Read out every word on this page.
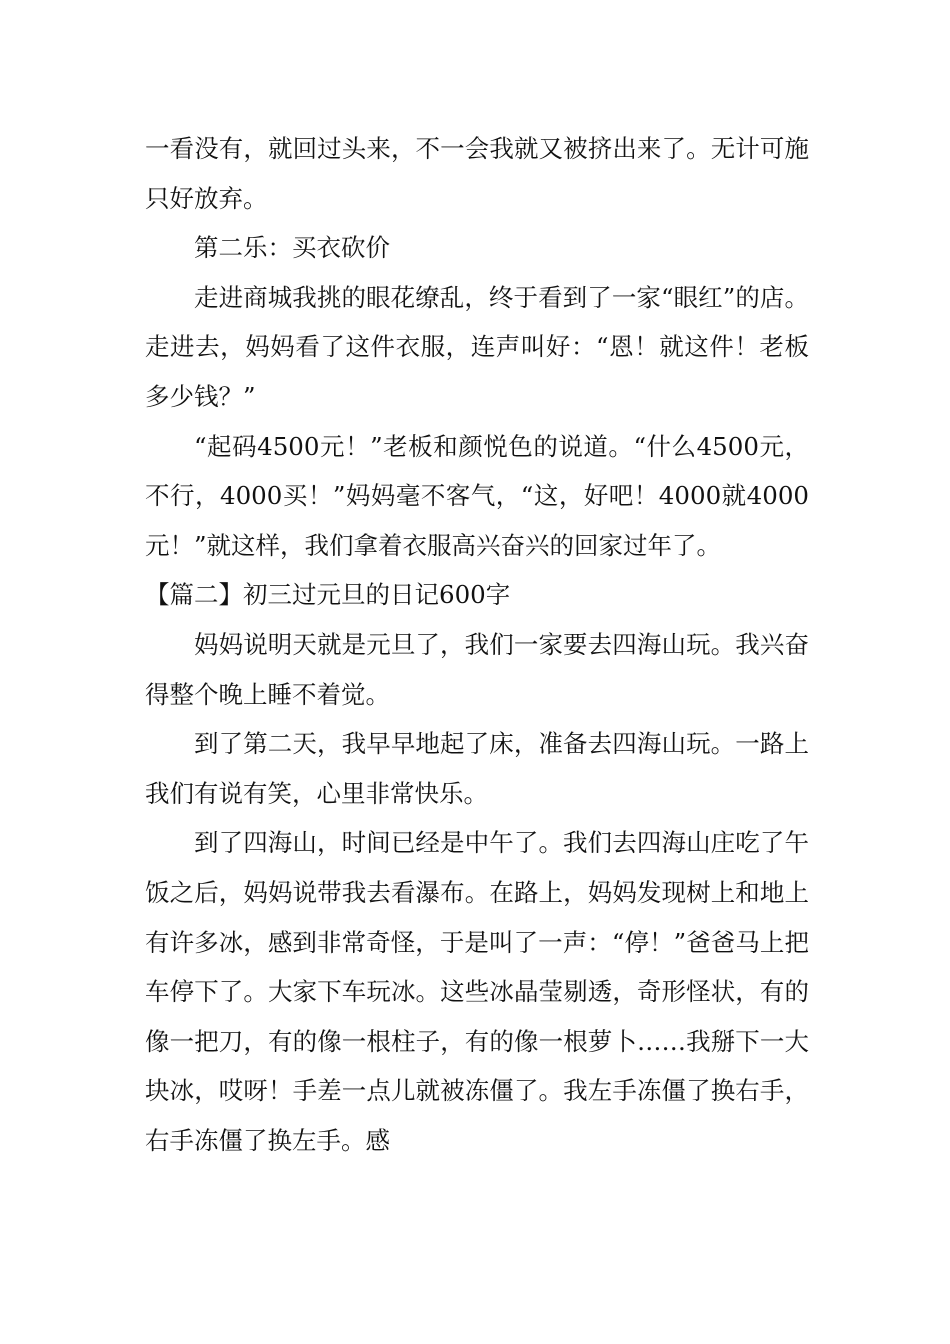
一看没有，就回过头来，不一会我就又被挤出来了。无计可施只好放弃。

第二乐：买衣砍价

走进商城我挑的眼花缭乱，终于看到了一家“眼红”的店。走进去，妈妈看了这件衣服，连声叫好：“恩！就这件！老板多少钱？”

“起码4500元！”老板和颜悦色的说道。“什么4500元，不行，4000买！”妈妈毫不客气，“这，好吧！4000就4000元！”就这样，我们拿着衣服高兴奋兴的回家过年了。

【篇二】初三过元旦的日记600字

妈妈说明天就是元旦了，我们一家要去四海山玩。我兴奋得整个晚上睡不着觉。

到了第二天，我早早地起了床，准备去四海山玩。一路上我们有说有笑，心里非常快乐。

到了四海山，时间已经是中午了。我们去四海山庄吃了午饭之后，妈妈说带我去看瀑布。在路上，妈妈发现树上和地上有许多冰，感到非常奇怪，于是叫了一声：“停！”爸爸马上把车停下了。大家下车玩冰。这些冰晶莹剔透，奇形怪状，有的像一把刀，有的像一根柱子，有的像一根萝卜……我掰下一大块冰，哎呀！手差一点儿就被冻僵了。我左手冻僵了换右手，右手冻僵了换左手。感
